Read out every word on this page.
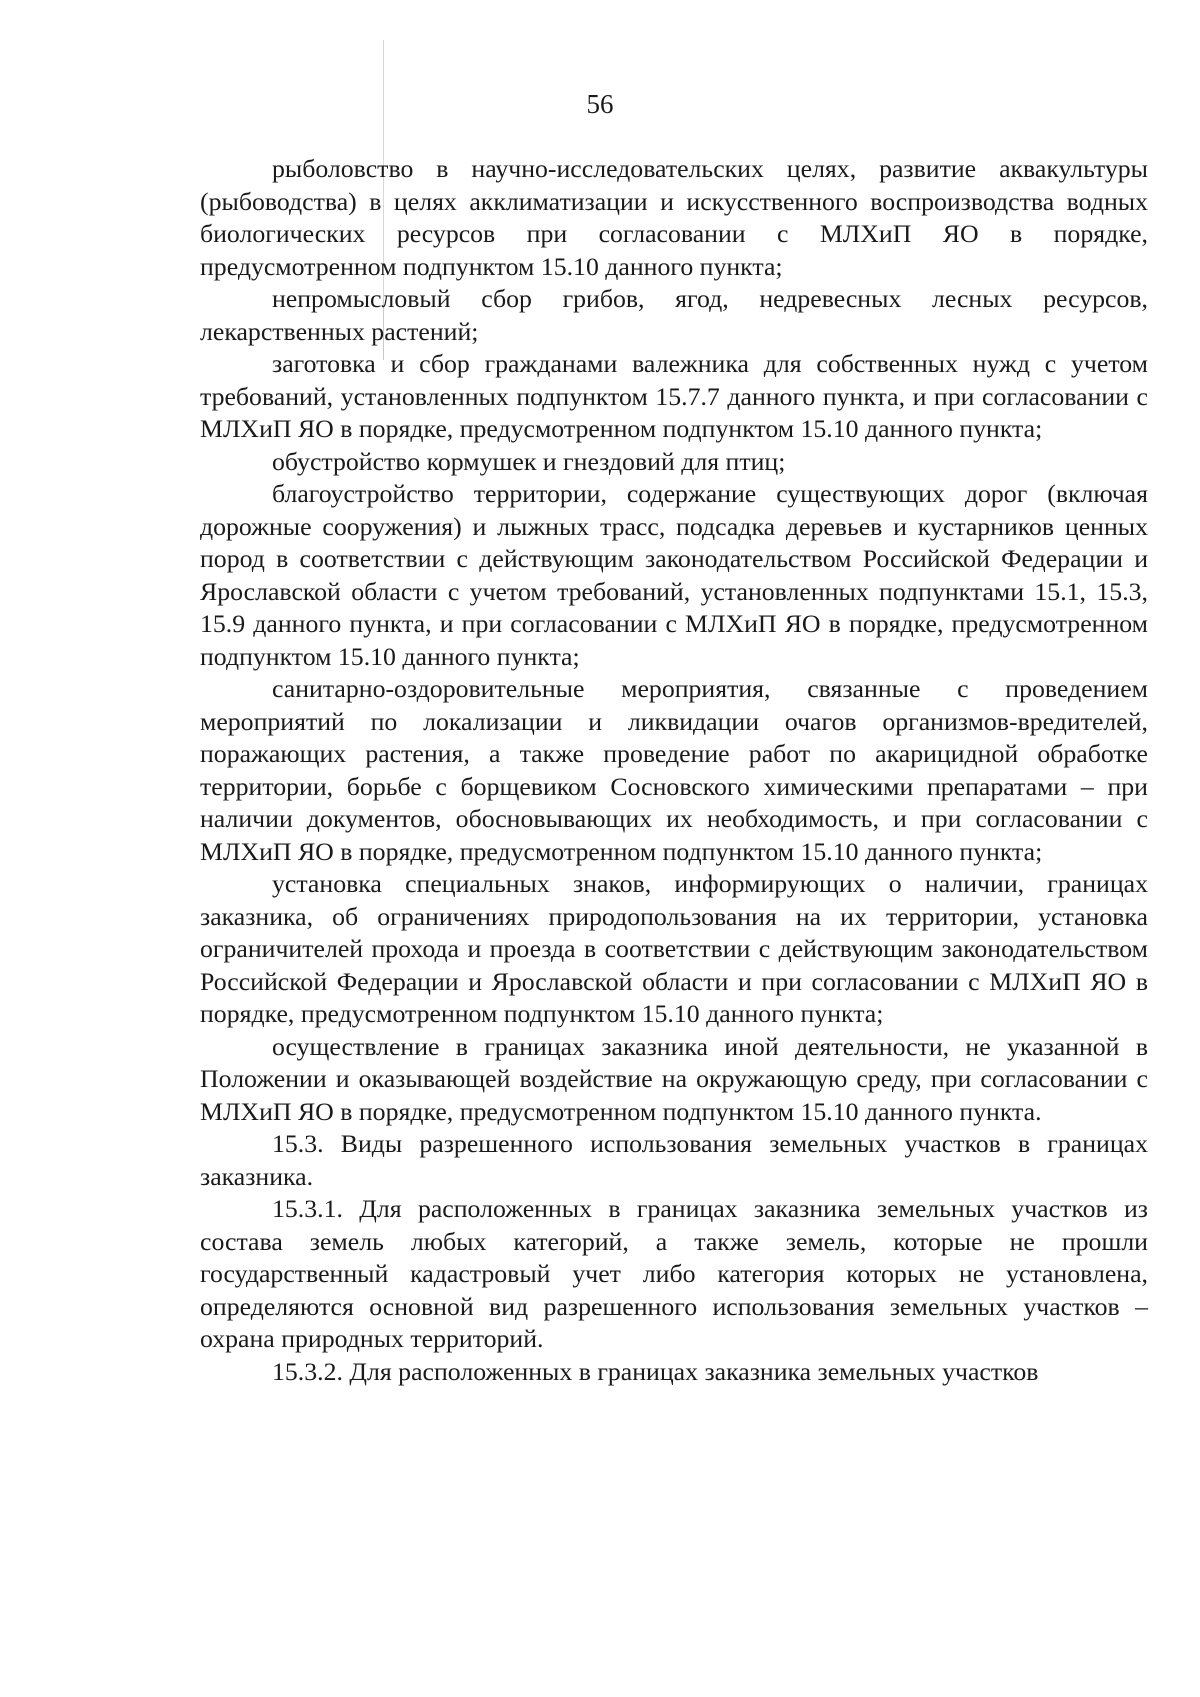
56

рыболовство в научно-исследовательских целях, развитие аквакультуры (рыбоводства) в целях акклиматизации и искусственного воспроизводства водных биологических ресурсов при согласовании с МЛХиП ЯО в порядке, предусмотренном подпунктом 15.10 данного пункта;

непромысловый сбор грибов, ягод, недревесных лесных ресурсов, лекарственных растений;

заготовка и сбор гражданами валежника для собственных нужд с учетом требований, установленных подпунктом 15.7.7 данного пункта, и при согласовании с МЛХиП ЯО в порядке, предусмотренном подпунктом 15.10 данного пункта;

обустройство кормушек и гнездовий для птиц;

благоустройство территории, содержание существующих дорог (включая дорожные сооружения) и лыжных трасс, подсадка деревьев и кустарников ценных пород в соответствии с действующим законодательством Российской Федерации и Ярославской области с учетом требований, установленных подпунктами 15.1, 15.3, 15.9 данного пункта, и при согласовании с МЛХиП ЯО в порядке, предусмотренном подпунктом 15.10 данного пункта;

санитарно-оздоровительные мероприятия, связанные с проведением мероприятий по локализации и ликвидации очагов организмов-вредителей, поражающих растения, а также проведение работ по акарицидной обработке территории, борьбе с борщевиком Сосновского химическими препаратами – при наличии документов, обосновывающих их необходимость, и при согласовании с МЛХиП ЯО в порядке, предусмотренном подпунктом 15.10 данного пункта;

установка специальных знаков, информирующих о наличии, границах заказника, об ограничениях природопользования на их территории, установка ограничителей прохода и проезда в соответствии с действующим законодательством Российской Федерации и Ярославской области и при согласовании с МЛХиП ЯО в порядке, предусмотренном подпунктом 15.10 данного пункта;

осуществление в границах заказника иной деятельности, не указанной в Положении и оказывающей воздействие на окружающую среду, при согласовании с МЛХиП ЯО в порядке, предусмотренном подпунктом 15.10 данного пункта.

15.3. Виды разрешенного использования земельных участков в границах заказника.

15.3.1. Для расположенных в границах заказника земельных участков из состава земель любых категорий, а также земель, которые не прошли государственный кадастровый учет либо категория которых не установлена, определяются основной вид разрешенного использования земельных участков – охрана природных территорий.

15.3.2. Для расположенных в границах заказника земельных участков
